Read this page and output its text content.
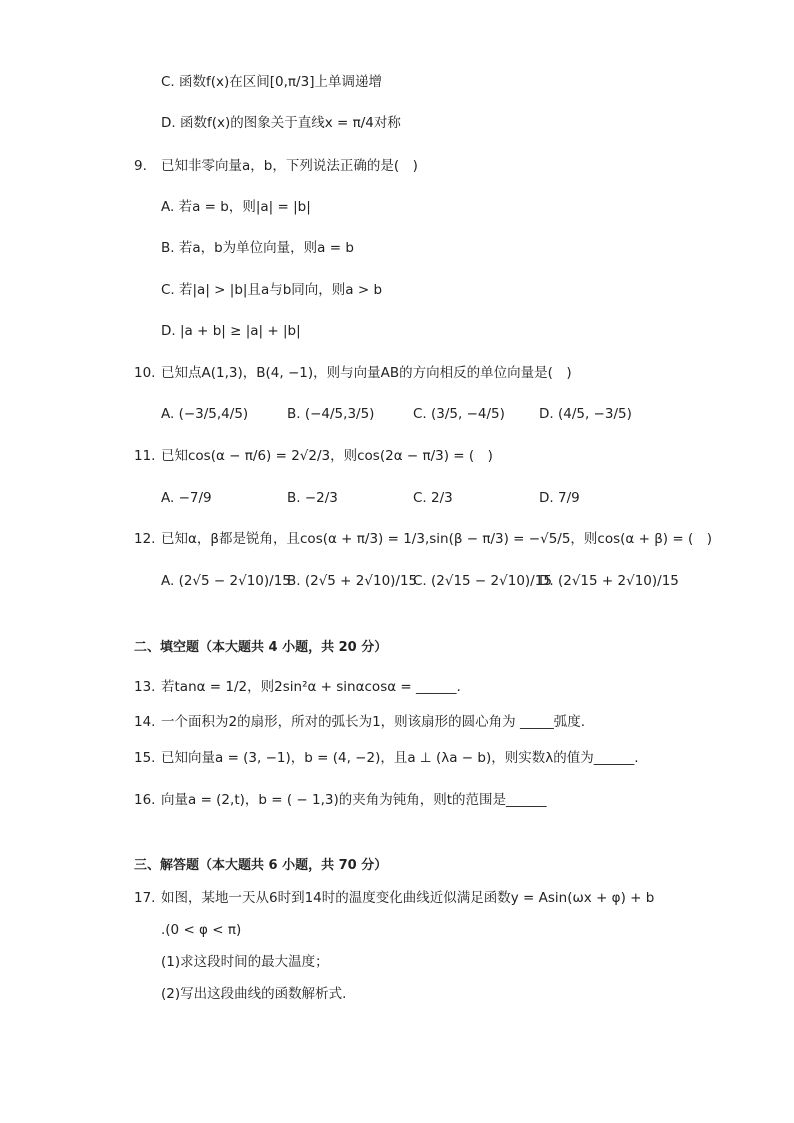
C. 函数f(x)在区间[0,π/3]上单调递增
D. 函数f(x)的图象关于直线x = π/4对称
9. 已知非零向量a，b，下列说法正确的是(　)
A. 若a = b，则|a| = |b|
B. 若a，b为单位向量，则a = b
C. 若|a| > |b|且a与b同向，则a > b
D. |a + b| ≥ |a| + |b|
10. 已知点A(1,3)，B(4, −1)，则与向量AB的方向相反的单位向量是(　)
A. (−3/5,4/5)	B. (−4/5,3/5)	C. (3/5, −4/5)	D. (4/5, −3/5)
11. 已知cos(α − π/6) = 2√2/3，则cos(2α − π/3) = (　)
A. −7/9	B. −2/3	C. 2/3	D. 7/9
12. 已知α，β都是锐角，且cos(α + π/3) = 1/3,sin(β − π/3) = −√5/5，则cos(α + β) = (　)
A. (2√5 − 2√10)/15
B. (2√5 + 2√10)/15
C. (2√15 − 2√10)/15
D. (2√15 + 2√10)/15
二、填空题（本大题共 4 小题，共 20 分）
13. 若tanα = 1/2，则2sin²α + sinαcosα = ______.
14. 一个面积为2的扇形，所对的弧长为1，则该扇形的圆心角为 _____弧度.
15. 已知向量a = (3, −1)，b = (4, −2)，且a ⊥ (λa − b)，则实数λ的值为______.
16. 向量a = (2,t)，b = ( − 1,3)的夹角为钝角，则t的范围是______
三、解答题（本大题共 6 小题，共 70 分）
17. 如图，某地一天从6时到14时的温度变化曲线近似满足函数y = Asin(ωx + φ) + b
.(0 < φ < π)
(1)求这段时间的最大温度；
(2)写出这段曲线的函数解析式.
